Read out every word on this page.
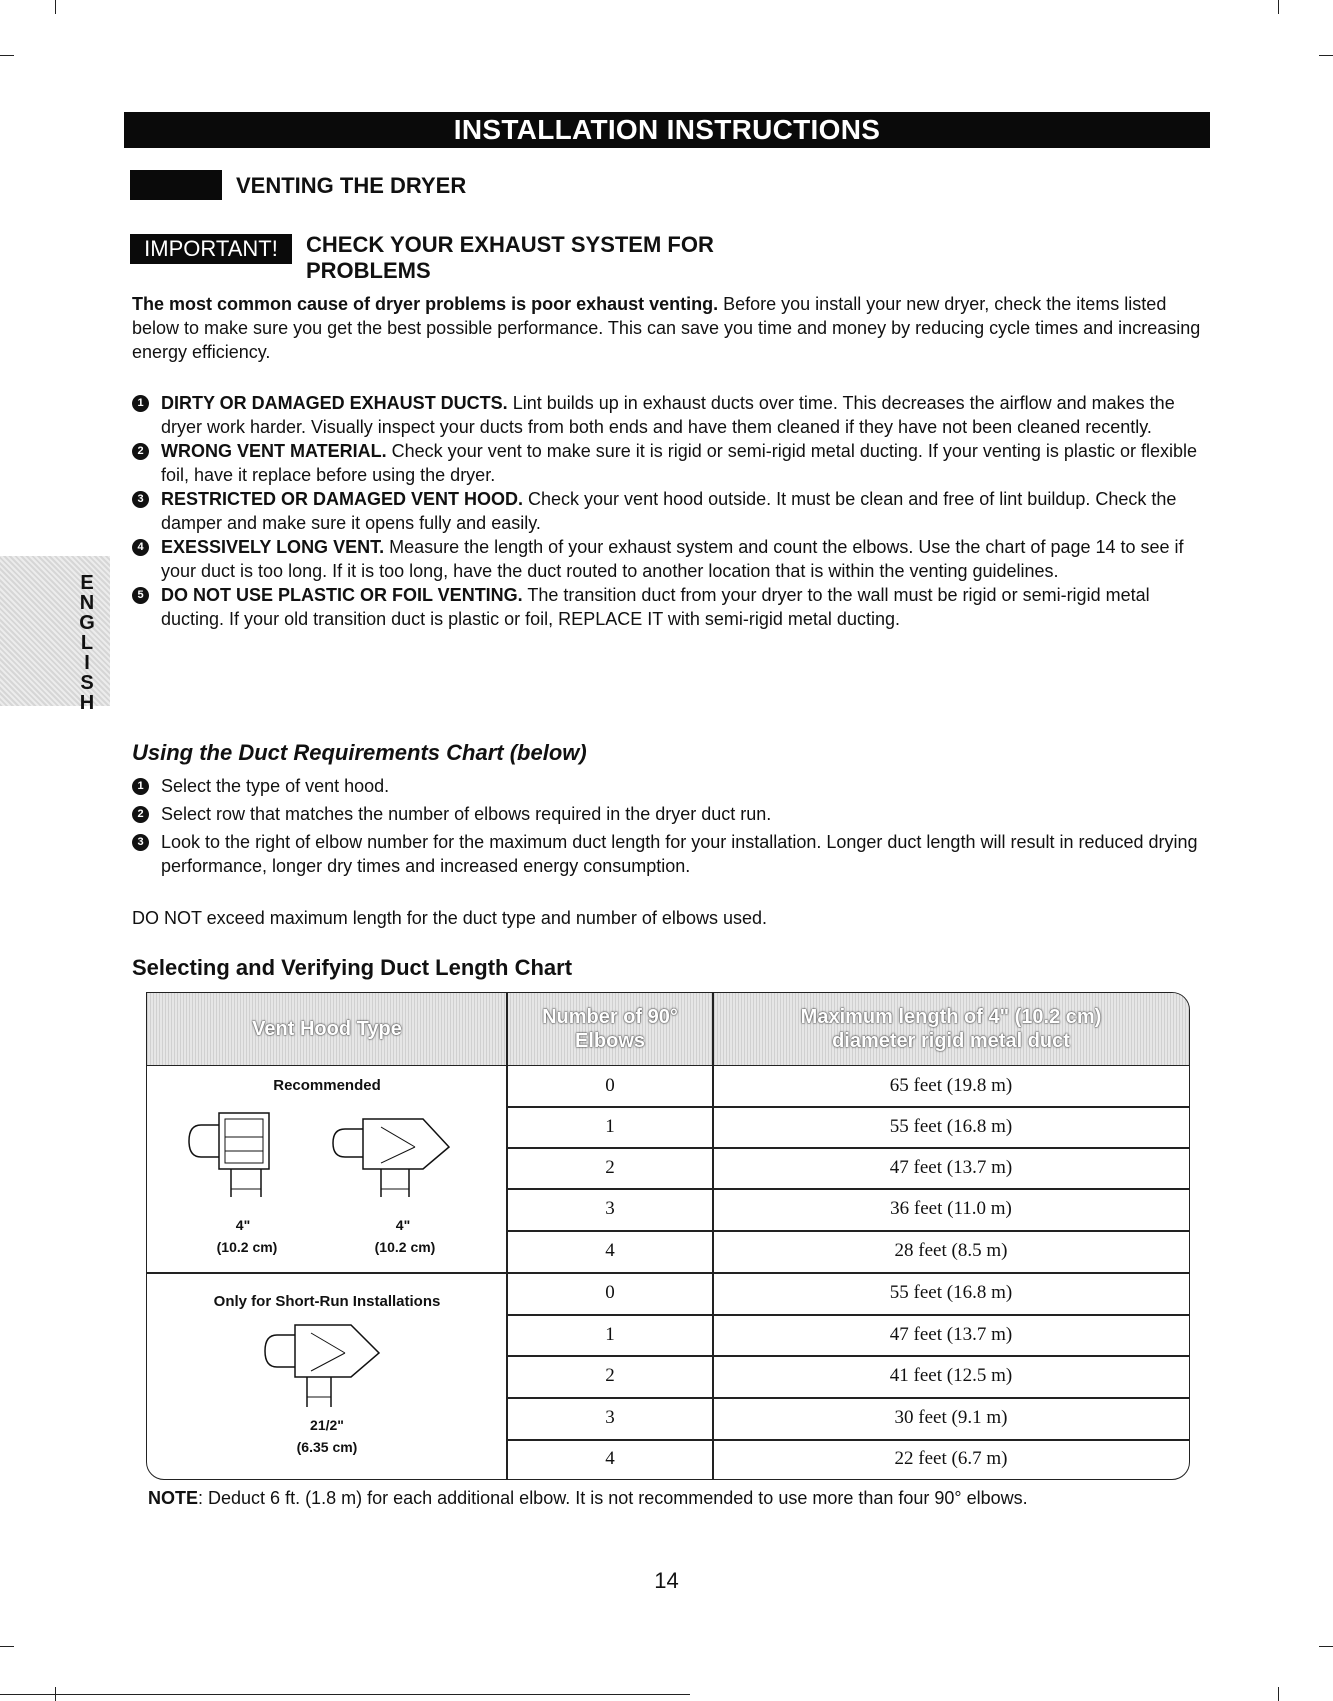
INSTALLATION INSTRUCTIONS
VENTING THE DRYER
IMPORTANT!	CHECK YOUR EXHAUST SYSTEM FOR PROBLEMS
The most common cause of dryer problems is poor exhaust venting. Before you install your new dryer, check the items listed below to make sure you get the best possible performance. This can save you time and money by reducing cycle times and increasing energy efficiency.
1 DIRTY OR DAMAGED EXHAUST DUCTS. Lint builds up in exhaust ducts over time. This decreases the airflow and makes the dryer work harder. Visually inspect your ducts from both ends and have them cleaned if they have not been cleaned recently.
2 WRONG VENT MATERIAL. Check your vent to make sure it is rigid or semi-rigid metal ducting. If your venting is plastic or flexible foil, have it replace before using the dryer.
3 RESTRICTED OR DAMAGED VENT HOOD. Check your vent hood outside. It must be clean and free of lint buildup. Check the damper and make sure it opens fully and easily.
4 EXESSIVELY LONG VENT. Measure the length of your exhaust system and count the elbows. Use the chart of page 14 to see if your duct is too long. If it is too long, have the duct routed to another location that is within the venting guidelines.
5 DO NOT USE PLASTIC OR FOIL VENTING. The transition duct from your dryer to the wall must be rigid or semi-rigid metal ducting. If your old transition duct is plastic or foil, REPLACE IT with semi-rigid metal ducting.
ENGLISH
Using the Duct Requirements Chart (below)
1 Select the type of vent hood.
2 Select row that matches the number of elbows required in the dryer duct run.
3 Look to the right of elbow number for the maximum duct length for your installation. Longer duct length will result in reduced drying performance, longer dry times and increased energy consumption.
DO NOT exceed maximum length for the duct type and number of elbows used.
Selecting and Verifying Duct Length Chart
Vent Hood Type
Number of 90° Elbows
Maximum length of 4" (10.2 cm) diameter rigid metal duct
Recommended
4"
(10.2 cm)
4"
(10.2 cm)
0	65 feet (19.8 m)
1	55 feet (16.8 m)
2	47 feet (13.7 m)
3	36 feet (11.0 m)
4	28 feet (8.5 m)
Only for Short-Run Installations
21/2"
(6.35 cm)
0	55 feet (16.8 m)
1	47 feet (13.7 m)
2	41 feet (12.5 m)
3	30 feet (9.1 m)
4	22 feet (6.7 m)
NOTE: Deduct 6 ft. (1.8 m) for each additional elbow. It is not recommended to use more than four 90° elbows.
14
